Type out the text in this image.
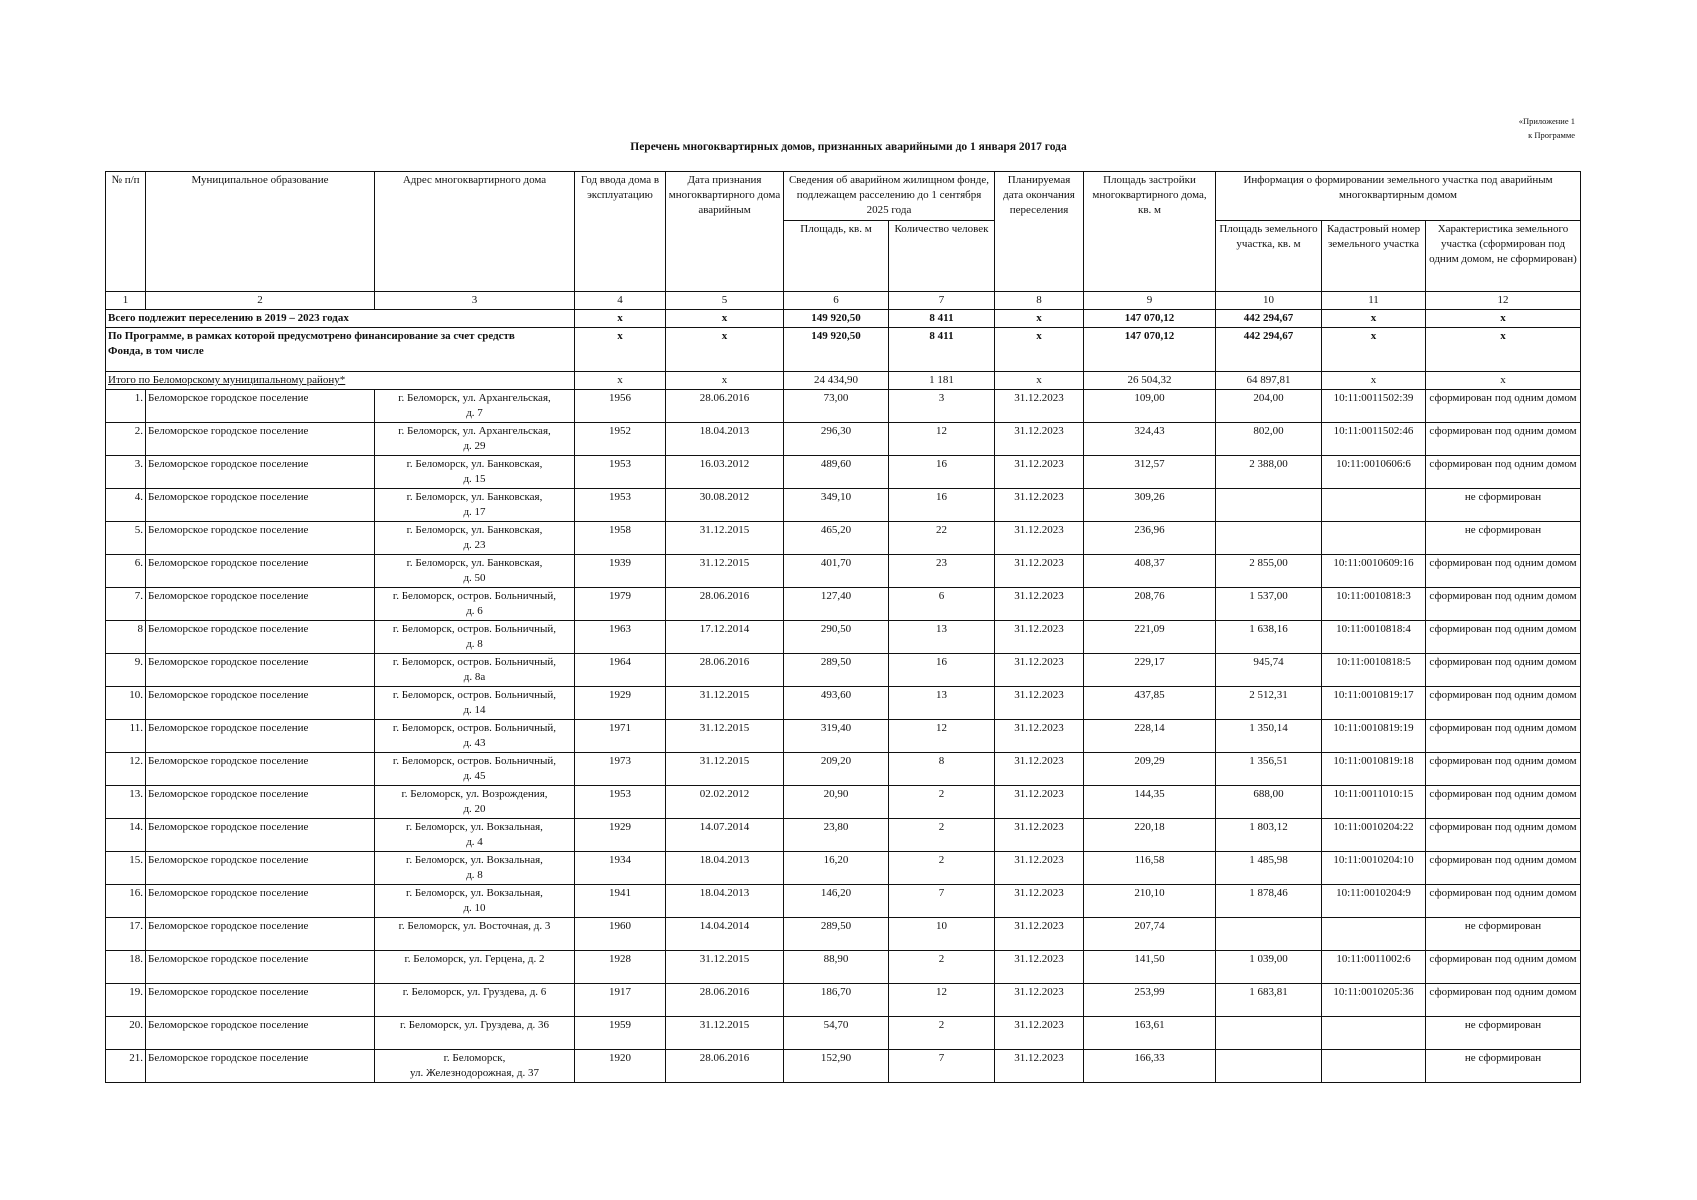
«Приложение 1
к Программе
Перечень многоквартирных домов, признанных аварийными до 1 января 2017 года
№ п/п	Муниципальное образование	Адрес многоквартирного дома	Год ввода дома в эксплуатацию	Дата признания многоквартирного дома аварийным	Сведения об аварийном жилищном фонде, подлежащем расселению до 1 сентября 2025 года		Планируемая дата окончания переселения	Площадь застройки многоквартирного дома, кв. м	Информация о формировании земельного участка под аварийным многоквартирным домом		
					Площадь, кв. м	Количество человек			Площадь земельного участка, кв. м	Кадастровый номер земельного участка	Характеристика земельного участка (сформирован под одним домом, не сформирован)
1	2	3	4	5	6	7	8	9	10	11	12
Всего подлежит переселению в 2019 – 2023 годах			x	x	149 920,50	8 411	x	147 070,12	442 294,67	x	x
По Программе, в рамках которой предусмотрено финансирование за счет средств Фонда, в том числе			x	x	149 920,50	8 411	x	147 070,12	442 294,67	x	x
Итого по Беломорскому муниципальному району*			x	x	24 434,90	1 181	x	26 504,32	64 897,81	x	x
1.	Беломорское городское поселение	г. Беломорск, ул. Архангельская,
д. 7	1956	28.06.2016	73,00	3	31.12.2023	109,00	204,00	10:11:0011502:39	сформирован под одним домом
2.	Беломорское городское поселение	г. Беломорск, ул. Архангельская,
д. 29	1952	18.04.2013	296,30	12	31.12.2023	324,43	802,00	10:11:0011502:46	сформирован под одним домом
3.	Беломорское городское поселение	г. Беломорск, ул. Банковская,
д. 15	1953	16.03.2012	489,60	16	31.12.2023	312,57	2 388,00	10:11:0010606:6	сформирован под одним домом
4.	Беломорское городское поселение	г. Беломорск, ул. Банковская,
д. 17	1953	30.08.2012	349,10	16	31.12.2023	309,26			не сформирован
5.	Беломорское городское поселение	г. Беломорск, ул. Банковская,
д. 23	1958	31.12.2015	465,20	22	31.12.2023	236,96			не сформирован
6.	Беломорское городское поселение	г. Беломорск, ул. Банковская,
д. 50	1939	31.12.2015	401,70	23	31.12.2023	408,37	2 855,00	10:11:0010609:16	сформирован под одним домом
7.	Беломорское городское поселение	г. Беломорск, остров. Больничный,
д. 6	1979	28.06.2016	127,40	6	31.12.2023	208,76	1 537,00	10:11:0010818:3	сформирован под одним домом
8	Беломорское городское поселение	г. Беломорск, остров. Больничный,
д. 8	1963	17.12.2014	290,50	13	31.12.2023	221,09	1 638,16	10:11:0010818:4	сформирован под одним домом
9.	Беломорское городское поселение	г. Беломорск, остров. Больничный,
д. 8а	1964	28.06.2016	289,50	16	31.12.2023	229,17	945,74	10:11:0010818:5	сформирован под одним домом
10.	Беломорское городское поселение	г. Беломорск, остров. Больничный,
д. 14	1929	31.12.2015	493,60	13	31.12.2023	437,85	2 512,31	10:11:0010819:17	сформирован под одним домом
11.	Беломорское городское поселение	г. Беломорск, остров. Больничный,
д. 43	1971	31.12.2015	319,40	12	31.12.2023	228,14	1 350,14	10:11:0010819:19	сформирован под одним домом
12.	Беломорское городское поселение	г. Беломорск, остров. Больничный,
д. 45	1973	31.12.2015	209,20	8	31.12.2023	209,29	1 356,51	10:11:0010819:18	сформирован под одним домом
13.	Беломорское городское поселение	г. Беломорск, ул. Возрождения,
д. 20	1953	02.02.2012	20,90	2	31.12.2023	144,35	688,00	10:11:0011010:15	сформирован под одним домом
14.	Беломорское городское поселение	г. Беломорск, ул. Вокзальная,
д. 4	1929	14.07.2014	23,80	2	31.12.2023	220,18	1 803,12	10:11:0010204:22	сформирован под одним домом
15.	Беломорское городское поселение	г. Беломорск, ул. Вокзальная,
д. 8	1934	18.04.2013	16,20	2	31.12.2023	116,58	1 485,98	10:11:0010204:10	сформирован под одним домом
16.	Беломорское городское поселение	г. Беломорск, ул. Вокзальная,
д. 10	1941	18.04.2013	146,20	7	31.12.2023	210,10	1 878,46	10:11:0010204:9	сформирован под одним домом
17.	Беломорское городское поселение	г. Беломорск, ул. Восточная, д. 3	1960	14.04.2014	289,50	10	31.12.2023	207,74			не сформирован
18.	Беломорское городское поселение	г. Беломорск, ул. Герцена, д. 2	1928	31.12.2015	88,90	2	31.12.2023	141,50	1 039,00	10:11:0011002:6	сформирован под одним домом
19.	Беломорское городское поселение	г. Беломорск, ул. Груздева, д. 6	1917	28.06.2016	186,70	12	31.12.2023	253,99	1 683,81	10:11:0010205:36	сформирован под одним домом
20.	Беломорское городское поселение	г. Беломорск, ул. Груздева, д. 36	1959	31.12.2015	54,70	2	31.12.2023	163,61			не сформирован
21.	Беломорское городское поселение	г. Беломорск,
ул. Железнодорожная, д. 37	1920	28.06.2016	152,90	7	31.12.2023	166,33			не сформирован
